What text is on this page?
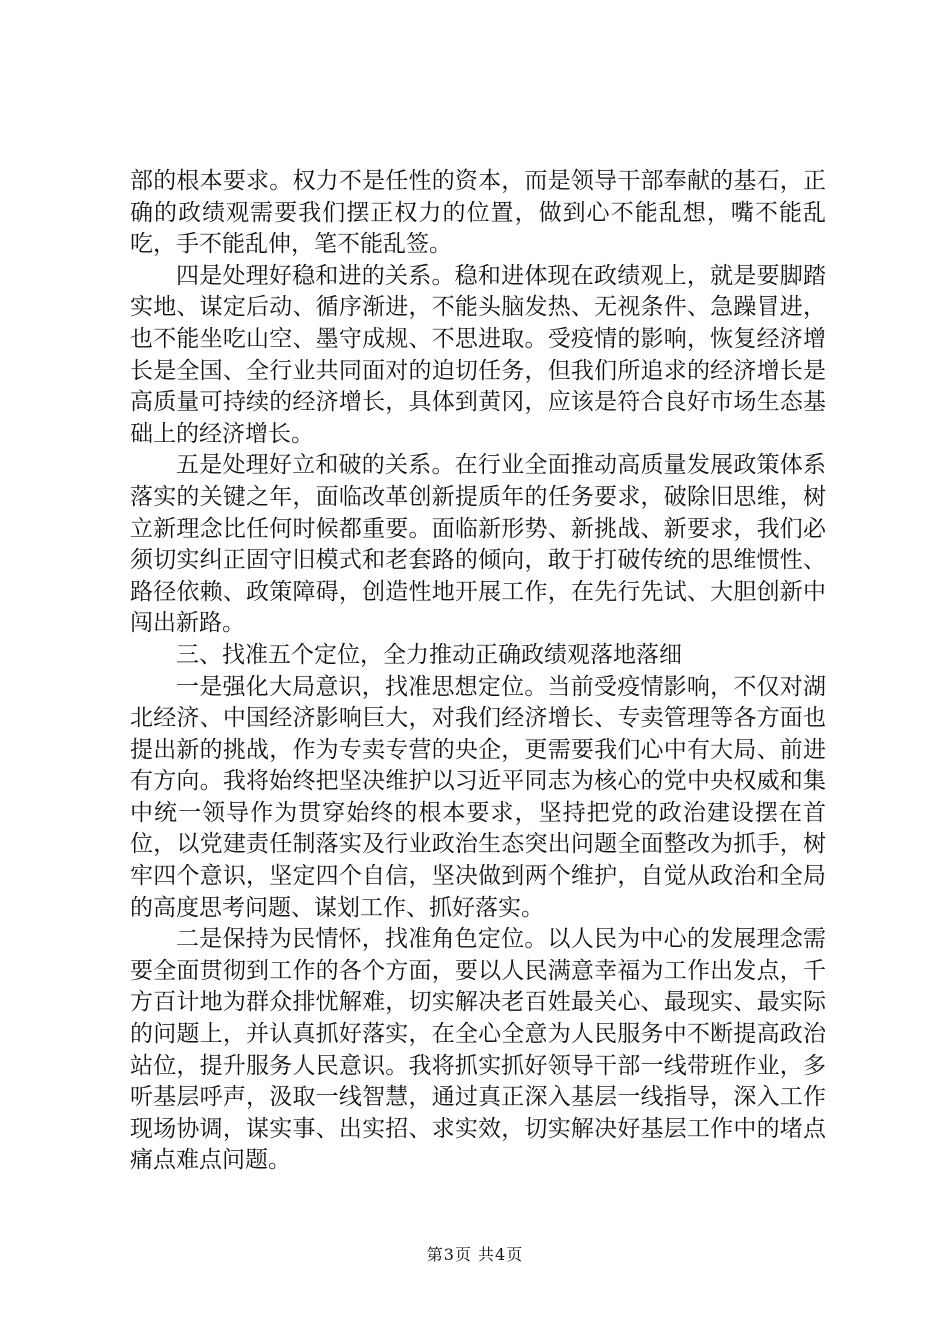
部的根本要求。权力不是任性的资本，而是领导干部奉献的基石，正确的政绩观需要我们摆正权力的位置，做到心不能乱想，嘴不能乱吃，手不能乱伸，笔不能乱签。

四是处理好稳和进的关系。稳和进体现在政绩观上，就是要脚踏实地、谋定后动、循序渐进，不能头脑发热、无视条件、急躁冒进，也不能坐吃山空、墨守成规、不思进取。受疫情的影响，恢复经济增长是全国、全行业共同面对的迫切任务，但我们所追求的经济增长是高质量可持续的经济增长，具体到黄冈，应该是符合良好市场生态基础上的经济增长。

五是处理好立和破的关系。在行业全面推动高质量发展政策体系落实的关键之年，面临改革创新提质年的任务要求，破除旧思维，树立新理念比任何时候都重要。面临新形势、新挑战、新要求，我们必须切实纠正固守旧模式和老套路的倾向，敢于打破传统的思维惯性、路径依赖、政策障碍，创造性地开展工作，在先行先试、大胆创新中闯出新路。

三、找准五个定位，全力推动正确政绩观落地落细

一是强化大局意识，找准思想定位。当前受疫情影响，不仅对湖北经济、中国经济影响巨大，对我们经济增长、专卖管理等各方面也提出新的挑战，作为专卖专营的央企，更需要我们心中有大局、前进有方向。我将始终把坚决维护以习近平同志为核心的党中央权威和集中统一领导作为贯穿始终的根本要求，坚持把党的政治建设摆在首位，以党建责任制落实及行业政治生态突出问题全面整改为抓手，树牢四个意识，坚定四个自信，坚决做到两个维护，自觉从政治和全局的高度思考问题、谋划工作、抓好落实。

二是保持为民情怀，找准角色定位。以人民为中心的发展理念需要全面贯彻到工作的各个方面，要以人民满意幸福为工作出发点，千方百计地为群众排忧解难，切实解决老百姓最关心、最现实、最实际的问题上，并认真抓好落实，在全心全意为人民服务中不断提高政治站位，提升服务人民意识。我将抓实抓好领导干部一线带班作业，多听基层呼声，汲取一线智慧，通过真正深入基层一线指导，深入工作现场协调，谋实事、出实招、求实效，切实解决好基层工作中的堵点痛点难点问题。

第3页 共4页
